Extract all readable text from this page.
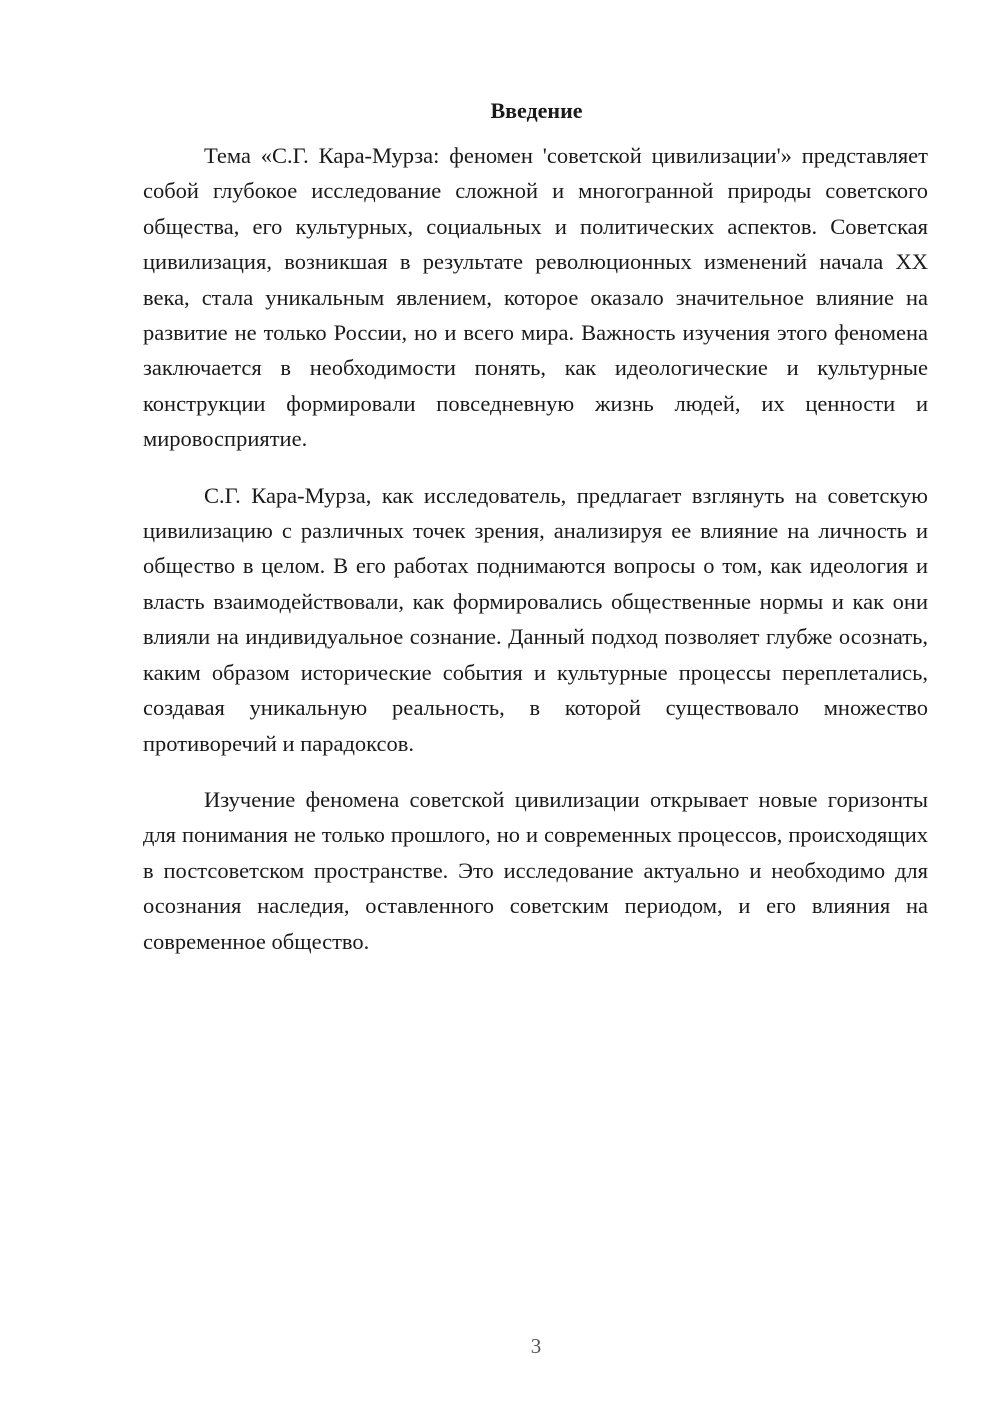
Введение

Тема «С.Г. Кара-Мурза: феномен 'советской цивилизации'» представляет собой глубокое исследование сложной и многогранной природы советского общества, его культурных, социальных и политических аспектов. Советская цивилизация, возникшая в результате революционных изменений начала XX века, стала уникальным явлением, которое оказало значительное влияние на развитие не только России, но и всего мира. Важность изучения этого феномена заключается в необходимости понять, как идеологические и культурные конструкции формировали повседневную жизнь людей, их ценности и мировосприятие.

С.Г. Кара-Мурза, как исследователь, предлагает взглянуть на советскую цивилизацию с различных точек зрения, анализируя ее влияние на личность и общество в целом. В его работах поднимаются вопросы о том, как идеология и власть взаимодействовали, как формировались общественные нормы и как они влияли на индивидуальное сознание. Данный подход позволяет глубже осознать, каким образом исторические события и культурные процессы переплетались, создавая уникальную реальность, в которой существовало множество противоречий и парадоксов.

Изучение феномена советской цивилизации открывает новые горизонты для понимания не только прошлого, но и современных процессов, происходящих в постсоветском пространстве. Это исследование актуально и необходимо для осознания наследия, оставленного советским периодом, и его влияния на современное общество.

3
